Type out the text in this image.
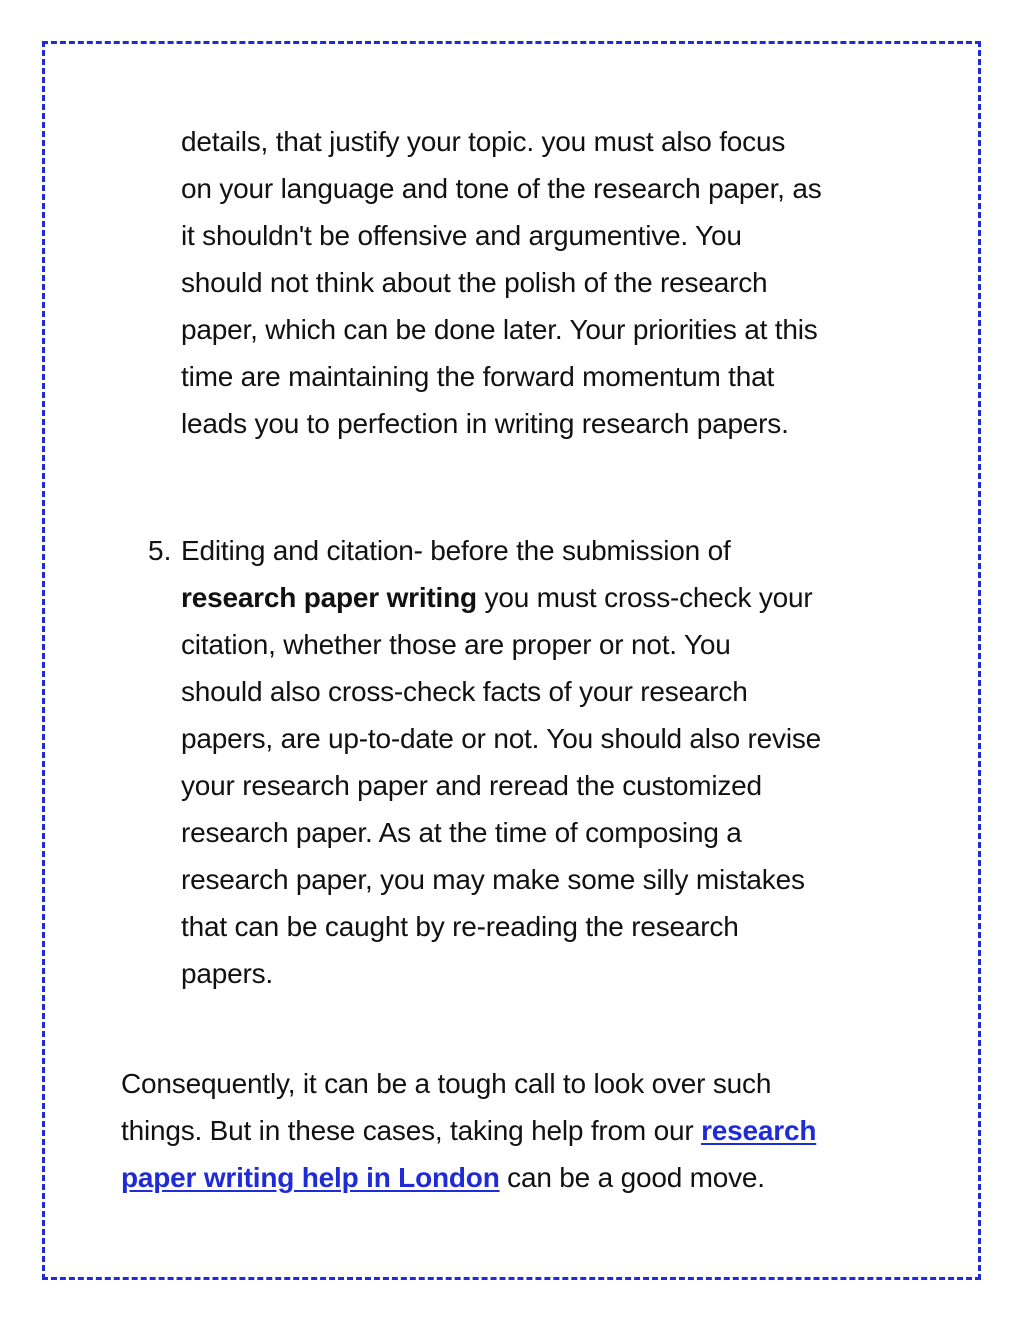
details, that justify your topic. you must also focus
on your language and tone of the research paper, as
it shouldn't be offensive and argumentive. You
should not think about the polish of the research
paper, which can be done later. Your priorities at this
time are maintaining the forward momentum that
leads you to perfection in writing research papers.
5. Editing and citation- before the submission of
research paper writing you must cross-check your
citation, whether those are proper or not. You
should also cross-check facts of your research
papers, are up-to-date or not. You should also revise
your research paper and reread the customized
research paper. As at the time of composing a
research paper, you may make some silly mistakes
that can be caught by re-reading the research
papers.
Consequently, it can be a tough call to look over such
things. But in these cases, taking help from our research
paper writing help in London can be a good move.
